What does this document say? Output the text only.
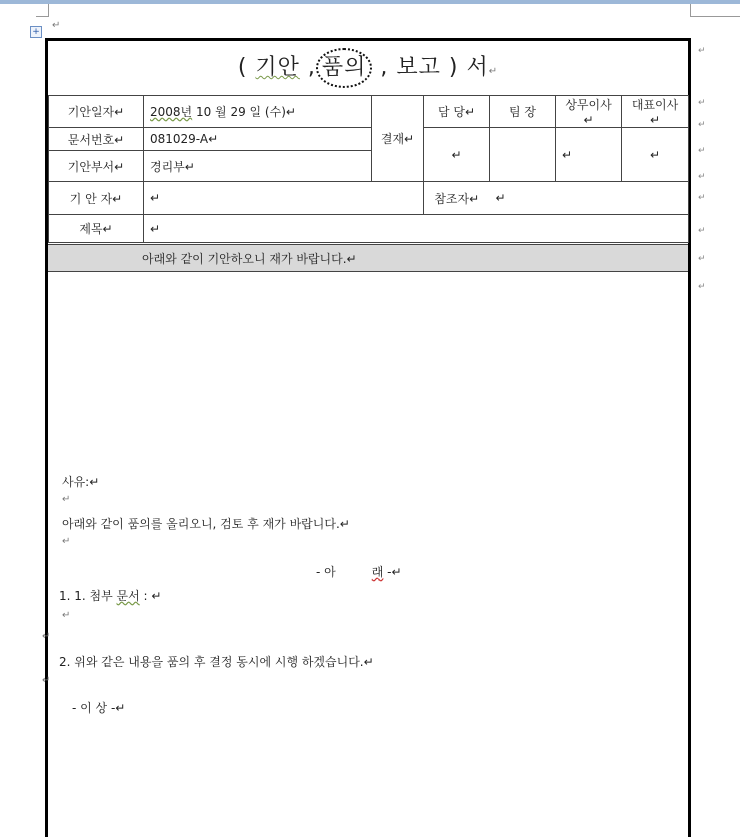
+
↵
( 기안 , 품의 , 보고 ) 서↵
기안일자↵	2008년 10 월 29 일 (수)↵	결재↵	담 당↵	팀 장	상무이사↵	대표이사↵
문서번호↵	081029-A↵		↵		↵	↵
기안부서↵	경리부↵					
기 안 자↵	↵		참조자↵	↵		
제목↵	↵					
아래와 같이 기안하오니 재가 바랍니다.↵
사유:↵
↵
아래와 같이 품의를 올리오니, 검토 후 재가 바랍니다.↵
↵
- 아	래 -↵
1. 1. 첨부 문서 : ↵
↵
↵
2. 위와 같은 내용을 품의 후 결정 동시에 시행 하겠습니다.↵
↵
- 이 상 -↵
↵
↵
↵
↵
↵
↵
↵
↵
↵
